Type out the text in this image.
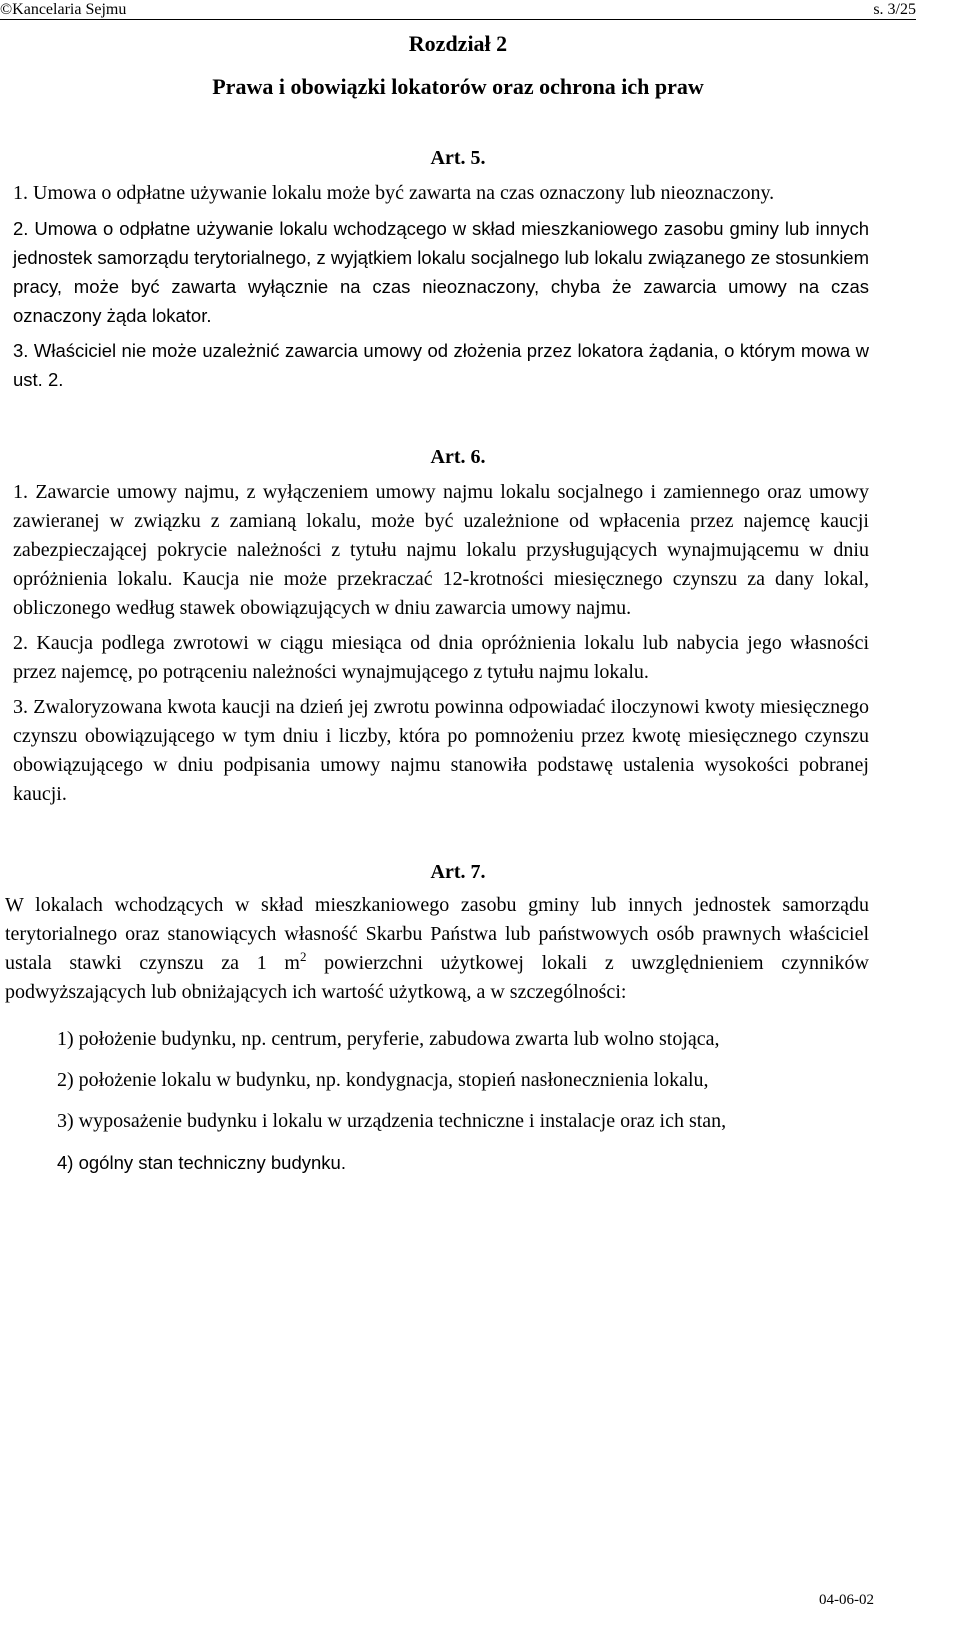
©Kancelaria Sejmu	s. 3/25
Rozdział 2
Prawa i obowiązki lokatorów oraz ochrona ich praw
Art. 5.
1. Umowa o odpłatne używanie lokalu może być zawarta na czas oznaczony lub nieoznaczony.
2. Umowa o odpłatne używanie lokalu wchodzącego w skład mieszkaniowego zasobu gminy lub innych jednostek samorządu terytorialnego, z wyjątkiem lokalu socjalnego lub lokalu związanego ze stosunkiem pracy, może być zawarta wyłącznie na czas nieoznaczony, chyba że zawarcia umowy na czas oznaczony żąda lokator.
3. Właściciel nie może uzależnić zawarcia umowy od złożenia przez lokatora żądania, o którym mowa w ust. 2.
Art. 6.
1. Zawarcie umowy najmu, z wyłączeniem umowy najmu lokalu socjalnego i zamiennego oraz umowy zawieranej w związku z zamianą lokalu, może być uzależnione od wpłacenia przez najemcę kaucji zabezpieczającej pokrycie należności z tytułu najmu lokalu przysługujących wynajmującemu w dniu opróżnienia lokalu. Kaucja nie może przekraczać 12-krotności miesięcznego czynszu za dany lokal, obliczonego według stawek obowiązujących w dniu zawarcia umowy najmu.
2. Kaucja podlega zwrotowi w ciągu miesiąca od dnia opróżnienia lokalu lub nabycia jego własności przez najemcę, po potrąceniu należności wynajmującego z tytułu najmu lokalu.
3. Zwaloryzowana kwota kaucji na dzień jej zwrotu powinna odpowiadać iloczynowi kwoty miesięcznego czynszu obowiązującego w tym dniu i liczby, która po pomnożeniu przez kwotę miesięcznego czynszu obowiązującego w dniu podpisania umowy najmu stanowiła podstawę ustalenia wysokości pobranej kaucji.
Art. 7.
W lokalach wchodzących w skład mieszkaniowego zasobu gminy lub innych jednostek samorządu terytorialnego oraz stanowiących własność Skarbu Państwa lub państwowych osób prawnych właściciel ustala stawki czynszu za 1 $m^2$ powierzchni użytkowej lokali z uwzględnieniem czynników podwyższających lub obniżających ich wartość użytkową, a w szczególności:
1) położenie budynku, np. centrum, peryferie, zabudowa zwarta lub wolno stojąca,
2) położenie lokalu w budynku, np. kondygnacja, stopień nasłonecznienia lokalu,
3) wyposażenie budynku i lokalu w urządzenia techniczne i instalacje oraz ich stan,
4) ogólny stan techniczny budynku.
04-06-02
